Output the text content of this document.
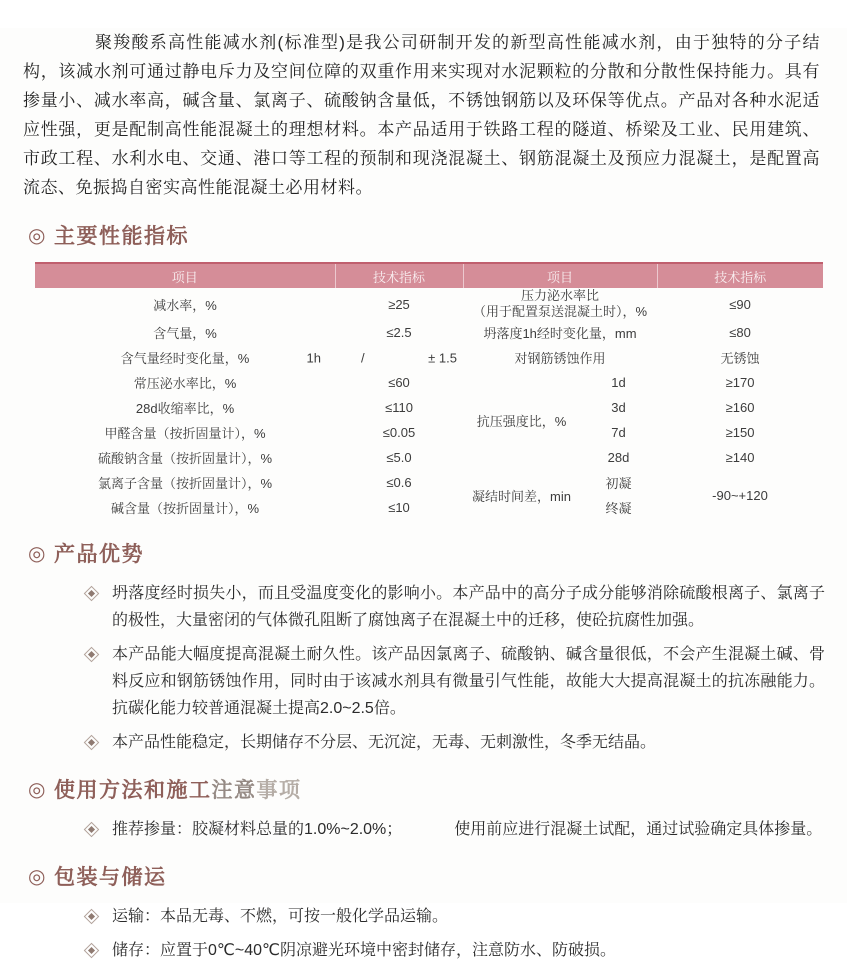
聚羧酸系高性能减水剂(标准型)是我公司研制开发的新型高性能减水剂，由于独特的分子结构，该减水剂可通过静电斥力及空间位障的双重作用来实现对水泥颗粒的分散和分散性保持能力。具有掺量小、减水率高，碱含量、氯离子、硫酸钠含量低，不锈蚀钢筋以及环保等优点。产品对各种水泥适应性强，更是配制高性能混凝土的理想材料。本产品适用于铁路工程的隧道、桥梁及工业、民用建筑、市政工程、水利水电、交通、港口等工程的预制和现浇混凝土、钢筋混凝土及预应力混凝土，是配置高流态、免振捣自密实高性能混凝土必用材料。

◎ 主要性能指标
项目	技术指标	项目		技术指标
减水率，%	≥25	压力泌水率比
（用于配置泵送混凝土时），%		≤90
含气量，%	≤2.5	坍落度1h经时变化量，mm		≤80
含气量经时变化量，% 1h	/ ± 1.5	对钢筋锈蚀作用		无锈蚀
常压泌水率比，%	≤60	抗压强度比，%	1d	≥170
28d收缩率比，%	≤110		3d	≥160
甲醛含量（按折固量计），%	≤0.05		7d	≥150
硫酸钠含量（按折固量计），%	≤5.0		28d	≥140
氯离子含量（按折固量计），%	≤0.6	凝结时间差，min	初凝	-90~+120
碱含量（按折固量计），%	≤10		终凝	
◎ 产品优势
坍落度经时损失小，而且受温度变化的影响小。本产品中的高分子成分能够消除硫酸根离子、氯离子的极性，大量密闭的气体微孔阻断了腐蚀离子在混凝土中的迁移，使砼抗腐性加强。
本产品能大幅度提高混凝土耐久性。该产品因氯离子、硫酸钠、碱含量很低，不会产生混凝土碱、骨料反应和钢筋锈蚀作用，同时由于该减水剂具有微量引气性能，故能大大提高混凝土的抗冻融能力。抗碳化能力较普通混凝土提高2.0~2.5倍。
本产品性能稳定，长期储存不分层、无沉淀，无毒、无刺激性，冬季无结晶。
◎ 使用方法和施工注意事项
推荐掺量：胶凝材料总量的1.0%~2.0%；	使用前应进行混凝土试配，通过试验确定具体掺量。
◎ 包装与储运
运输：本品无毒、不燃，可按一般化学品运输。
储存：应置于0℃~40℃阴凉避光环境中密封储存，注意防水、防破损。
